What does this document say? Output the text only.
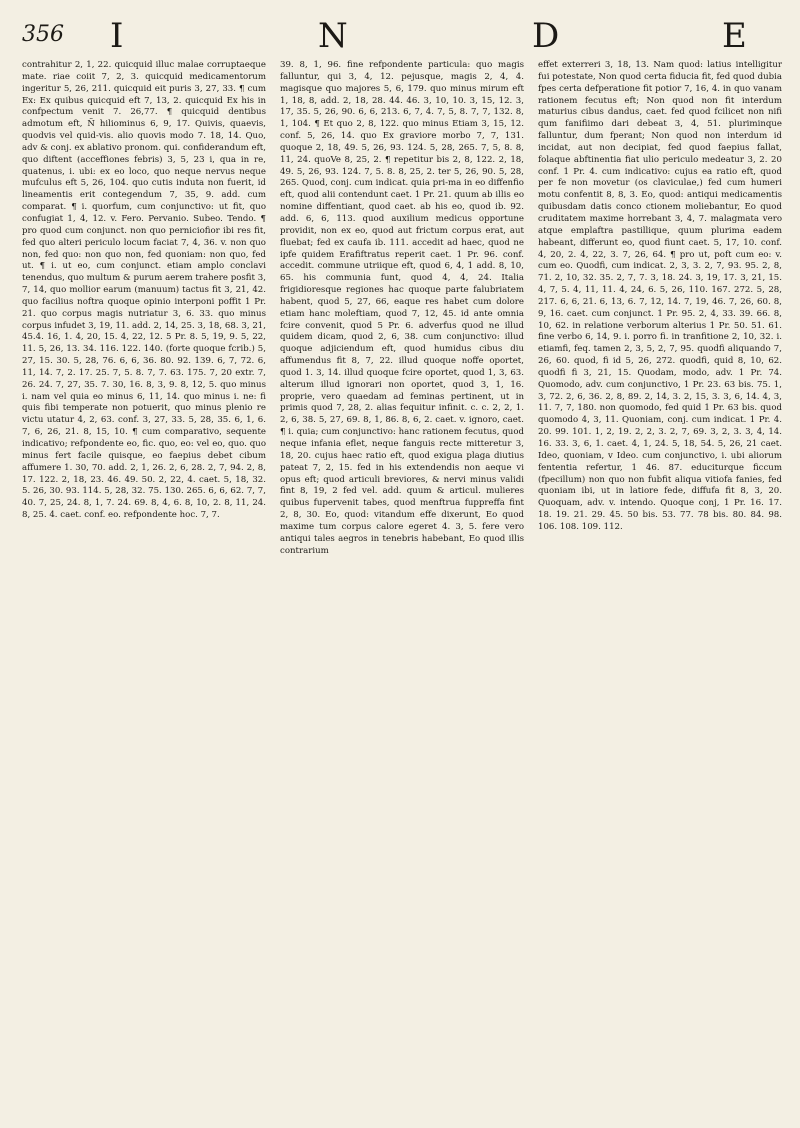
356 I	N	D	E

contrahitur 2, 1, 22. quicquid illuc malae corruptaeque mate. riae coiit 7, 2, 3. quicquid medicamentorum ingeritur 5, 26, 211. quicquid eit puris 3, 27, 33. ¶ cum Ex: Ex quibus quicquid eft 7, 13, 2. quicquid Ex his in confpectum venit 7. 26,77. ¶ quicquid dentibus admotum eft, Ñ hiliominus 6, 9, 17. Quivis, quaevis, quodvis vel quid-vis. alio quovis modo 7. 18, 14. Quo, adv & conj. ex ablativo pronom. qui. confiderandum eft, quo diftent (acceffiones febris) 3, 5, 23 i, qua in re, quatenus, i. ubi: ex eo loco, quo neque nervus neque mufculus eft 5, 26, 104. quo cutis induta non fuerit, id lineamentis erit contegendum 7, 35, 9. add. cum comparat. ¶ i. quorfum, cum conjunctivo: ut fit, quo confugiat 1, 4, 12. v. Fero. Pervanio. Subeo. Tendo. ¶ pro quod cum conjunct. non quo perniciofior ibi res fit, fed quo alteri periculo locum faciat 7, 4, 36. v. non quo non, fed quo: non quo non, fed quoniam: non quo, fed ut. ¶ i. ut eo, cum conjunct. etiam amplo conclavi tenendus, quo multum & purum aerem trahere posfit 3, 7, 14, quo mollior earum (manuum) tactus fit 3, 21, 42. quo facilius noftra quoque opinio interponi poffit 1 Pr. 21. quo corpus magis nutriatur 3, 6. 33. quo minus corpus infudet 3, 19, 11. add. 2, 14, 25. 3, 18, 68. 3, 21, 45.4. 16, 1. 4, 20, 15. 4, 22, 12. 5 Pr. 8. 5, 19, 9. 5, 22, 11. 5, 26, 13. 34. 116. 122. 140. (forte quoque fcrib.) 5, 27, 15. 30. 5, 28, 76. 6, 6, 36. 80. 92. 139. 6, 7, 72. 6, 11, 14. 7, 2. 17. 25. 7, 5. 8. 7, 7. 63. 175. 7, 20 extr. 7, 26. 24. 7, 27, 35. 7. 30, 16. 8, 3, 9. 8, 12, 5. quo minus i. nam vel quia eo minus 6, 11, 14. quo minus i. ne: fi quis fibi temperate non potuerit, quo minus plenio re victu utatur 4, 2, 63. conf. 3, 27, 33. 5, 28, 35. 6, 1, 6. 7, 6, 26, 21. 8, 15, 10. ¶ cum comparativo, sequente indicativo; refpondente eo, fic. quo, eo: vel eo, quo. quo minus fert facile quisque, eo faepius debet cibum affumere 1. 30, 70. add. 2, 1, 26. 2, 6, 28. 2, 7, 94. 2, 8, 17. 122. 2, 18, 23. 46. 49. 50. 2, 22, 4. caet. 5, 18, 32. 5. 26, 30. 93. 114. 5, 28, 32. 75. 130. 265. 6, 6, 62. 7, 7, 40. 7, 25, 24. 8, 1, 7. 24. 69. 8, 4, 6. 8, 10, 2. 8, 11, 24. 8, 25. 4. caet. conf. eo. refpondente hoc. 7, 7.

39. 8, 1, 96. fine refpondente particula: quo magis falluntur, qui 3, 4, 12. pejusque, magis 2, 4, 4. magisque quo majores 5, 6, 179. quo minus mirum eft 1, 18, 8, add. 2, 18, 28. 44. 46. 3, 10, 10. 3, 15, 12. 3, 17, 35. 5, 26, 90. 6, 6, 213. 6, 7, 4. 7, 5, 8. 7, 7, 132. 8, 1, 104. ¶ Et quo 2, 8, 122. quo minus Etiam 3, 15, 12. conf. 5, 26, 14. quo Ex graviore morbo 7, 7, 131. quoque 2, 18, 49. 5, 26, 93. 124. 5, 28, 265. 7, 5, 8. 8, 11, 24. quoVe 8, 25, 2. ¶ repetitur bis 2, 8, 122. 2, 18, 49. 5, 26, 93. 124. 7, 5. 8. 8, 25, 2. ter 5, 26, 90. 5, 28, 265. Quod, conj. cum indicat. quia pri-ma in eo diffenfio eft, quod alii contendunt caet. 1 Pr. 21. quum ab illis eo nomine diffentiant, quod caet. ab his eo, quod ib. 92. add. 6, 6, 113. quod auxilium medicus opportune providit, non ex eo, quod aut frictum corpus erat, aut fluebat; fed ex caufa ib. 111. accedit ad haec, quod ne ipfe quidem Erafiftratus reperit caet. 1 Pr. 96. conf. accedit. commune utriique eft, quod 6, 4, 1 add. 8, 10, 65. his communia funt, quod 4, 4, 24. Italia frigidioresque regiones hac quoque parte falubriatem habent, quod 5, 27, 66, eaque res habet cum dolore etiam hanc moleftiam, quod 7, 12, 45. id ante omnia fcire convenit, quod 5 Pr. 6. adverfus quod ne illud quidem dicam, quod 2, 6, 38. cum conjunctivo: illud quoque adjiciendum eft, quod humidus cibus diu affumendus fit 8, 7, 22. illud quoque noffe oportet, quod 1. 3, 14. illud quoque fcire oportet, quod 1, 3, 63. alterum illud ignorari non oportet, quod 3, 1, 16. proprie, vero quaedam ad feminas pertinent, ut in primis quod 7, 28, 2. alias fequitur infinit. c. c. 2, 2, 1. 2, 6, 38. 5, 27, 69. 8, 1, 86. 8, 6, 2. caet. v. ignoro, caet. ¶ i. quia; cum conjunctivo: hanc rationem fecutus, quod neque infania eflet, neque fanguis recte mitteretur 3, 18, 20. cujus haec ratio eft, quod exigua plaga diutius pateat 7, 2, 15. fed in his extendendis non aeque vi opus eft; quod articuli breviores, & nervi minus validi fint 8, 19, 2 fed vel. add. quum & articul. mulieres quibus fupervenit tabes, quod menftrua fuppreffa fint 2, 8, 30. Eo, quod: vitandum effe dixerunt, Eo quod maxime tum corpus calore egeret 4. 3, 5. fere vero antiqui tales aegros in tenebris habebant, Eo quod illis contrarium

effet exterreri 3, 18, 13. Nam quod: latius intelligitur fui potestate, Non quod certa fiducia fit, fed quod dubia fpes certa defperatione fit potior 7, 16, 4. in quo vanam rationem fecutus eft; Non quod non fit interdum maturius cibus dandus, caet. fed quod fcilicet non nifi qum fanifiimo dari debeat 3, 4, 51. pluriminque falluntur, dum fperant; Non quod non interdum id incidat, aut non decipiat, fed quod faepius fallat, folaque abftinentia fiat ulio periculo medeatur 3, 2. 20 conf. 1 Pr. 4. cum indicativo: cujus ea ratio eft, quod per fe non movetur (os claviculae,) fed cum humeri motu confentit 8, 8, 3. Eo, quod: antiqui medicamentis quibusdam datis conco ctionem moliebantur, Eo quod cruditatem maxime horrebant 3, 4, 7. malagmata vero atque emplaftra pastillique, quum plurima eadem habeant, differunt eo, quod fiunt caet. 5, 17, 10. conf. 4, 20, 2. 4, 22, 3. 7, 26, 64. ¶ pro ut, poft cum eo: v. cum eo. Quodfi, cum indicat. 2, 3, 3. 2, 7, 93. 95. 2, 8, 71. 2, 10, 32. 35. 2, 7, 7. 3, 18. 24. 3, 19, 17. 3, 21, 15. 4, 7, 5. 4, 11, 11. 4, 24, 6. 5, 26, 110. 167. 272. 5, 28, 217. 6, 6, 21. 6, 13, 6. 7, 12, 14. 7, 19, 46. 7, 26, 60. 8, 9, 16. caet. cum conjunct. 1 Pr. 95. 2, 4, 33. 39. 66. 8, 10, 62. in relatione verborum alterius 1 Pr. 50. 51. 61. fine verbo 6, 14, 9. i. porro fi. in tranfitione 2, 10, 32. i. etiamfi, feq. tamen 2, 3, 5, 2, 7, 95. quodfi aliquando 7, 26, 60. quod, fi id 5, 26, 272. quodfi, quid 8, 10, 62. quodfi fi 3, 21, 15. Quodam, modo, adv. 1 Pr. 74. Quomodo, adv. cum conjunctivo, 1 Pr. 23. 63 bis. 75. 1, 3, 72. 2, 6, 36. 2, 8, 89. 2, 14, 3. 2, 15, 3. 3, 6, 14. 4, 3, 11. 7, 7, 180. non quomodo, fed quid 1 Pr. 63 bis. quod quomodo 4, 3, 11. Quoniam, conj. cum indicat. 1 Pr. 4. 20. 99. 101. 1, 2, 19. 2, 2, 3. 2, 7, 69. 3, 2, 3. 3, 4, 14. 16. 33. 3, 6, 1. caet. 4, 1, 24. 5, 18, 54. 5, 26, 21 caet. Ideo, quoniam, v Ideo. cum conjunctivo, i. ubi aliorum fententia refertur, 1 46. 87. educiturque ficcum (fpecillum) non quo non fubfit aliqua vitiofa fanies, fed quoniam ibi, ut in latiore fede, diffufa fit 8, 3, 20. Quoquam, adv. v. intendo. Quoque conj, 1 Pr. 16. 17. 18. 19. 21. 29. 45. 50 bis. 53. 77. 78 bis. 80. 84. 98. 106. 108. 109. 112.
